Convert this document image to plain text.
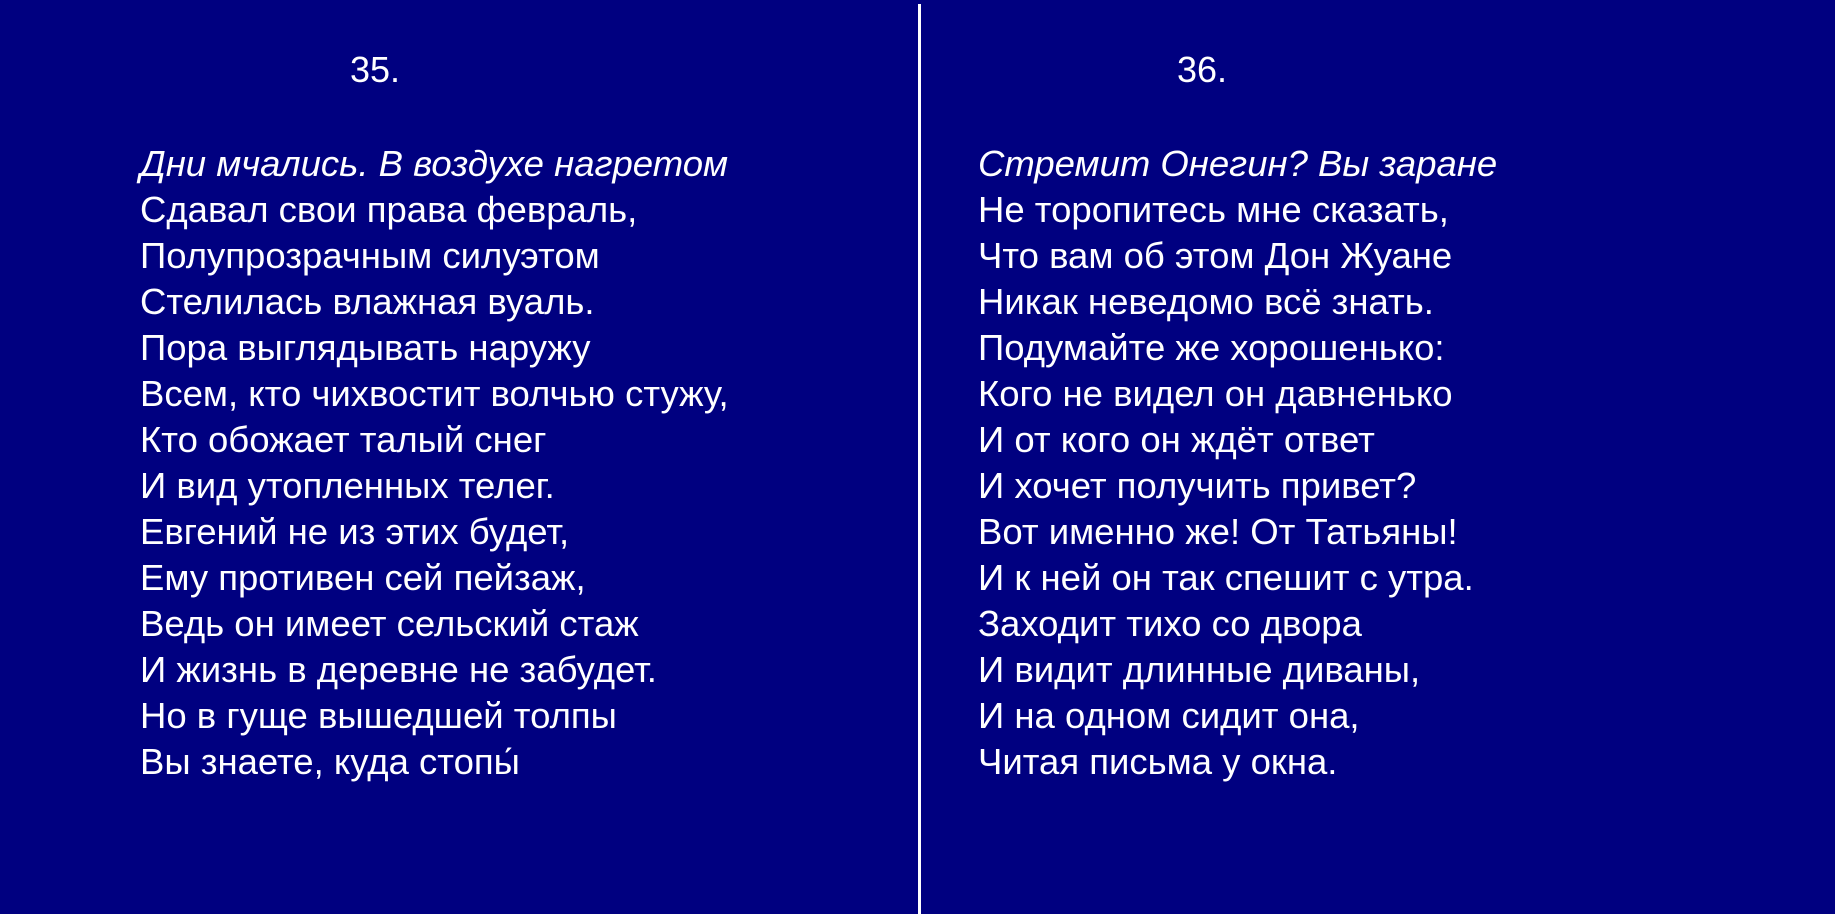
35.
Дни мчались. В воздухе нагретом
Сдавал свои права февраль,
Полупрозрачным силуэтом
Стелилась влажная вуаль.
Пора выглядывать наружу
Всем, кто чихвостит волчью стужу,
Кто обожает талый снег
И вид утопленных телег.
Евгений не из этих будет,
Ему противен сей пейзаж,
Ведь он имеет сельский стаж
И жизнь в деревне не забудет.
Но в гуще вышедшей толпы
Вы знаете, куда стопы́
36.
Стремит Онегин? Вы заране
Не торопитесь мне сказать,
Что вам об этом Дон Жуане
Никак неведомо всё знать.
Подумайте же хорошенько:
Кого не видел он давненько
И от кого он ждёт ответ
И хочет получить привет?
Вот именно же! От Татьяны!
И к ней он так спешит с утра.
Заходит тихо со двора
И видит длинные диваны,
И на одном сидит она,
Читая письма у окна.
